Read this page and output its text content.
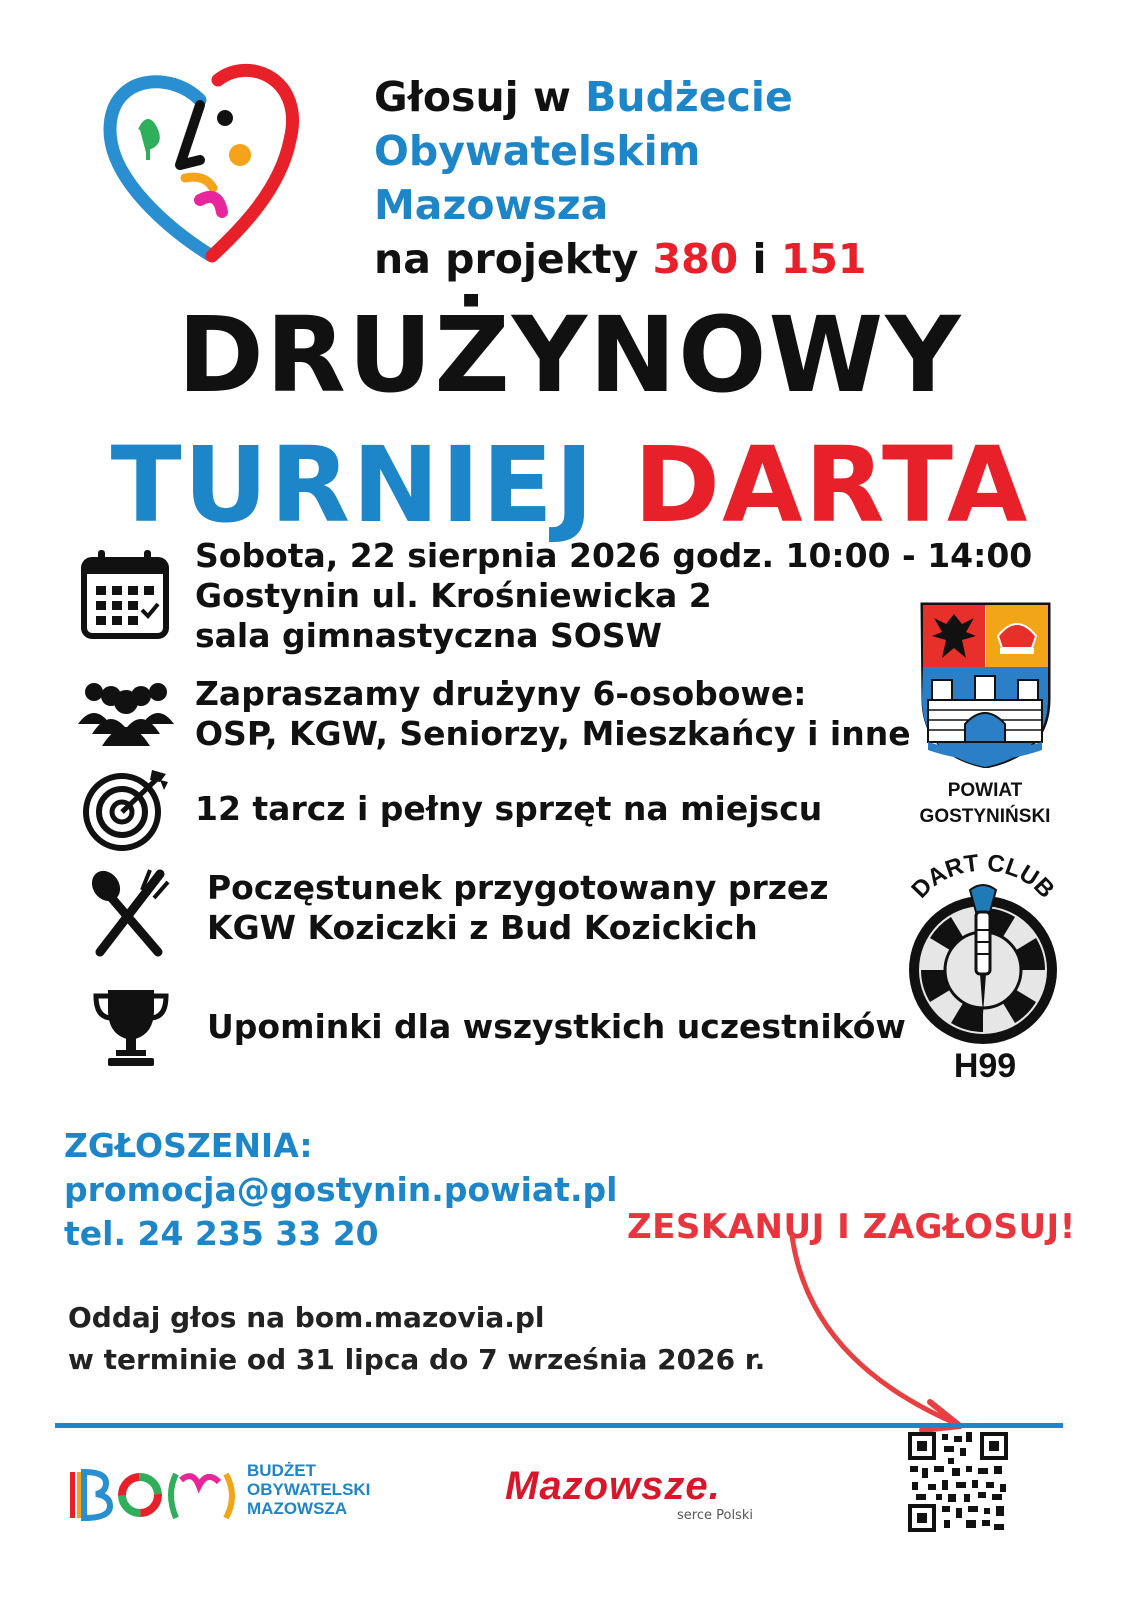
Głosuj w Budżecie
Obywatelskim
Mazowsza
na projekty 380 i 151
DRUŻYNOWY
TURNIEJ DARTA
Sobota, 22 sierpnia 2026 godz. 10:00 - 14:00
Gostynin ul. Krośniewicka 2
sala gimnastyczna SOSW
Zapraszamy drużyny 6-osobowe:
OSP, KGW, Seniorzy, Mieszkańcy i inne
12 tarcz i pełny sprzęt na miejscu
Poczęstunek przygotowany przez
KGW Koziczki z Bud Kozickich
Upominki dla wszystkich uczestników
POWIAT
GOSTYNIŃSKI
DART CLUB
H99
ZGŁOSZENIA:
promocja@gostynin.powiat.pl
tel. 24 235 33 20	ZESKANUJ I ZAGŁOSUJ!
Oddaj głos na bom.mazovia.pl
w terminie od 31 lipca do 7 września 2026 r.
BUDŻET
OBYWATELSKI
MAZOWSZA
Mazowsze.
serce Polski
